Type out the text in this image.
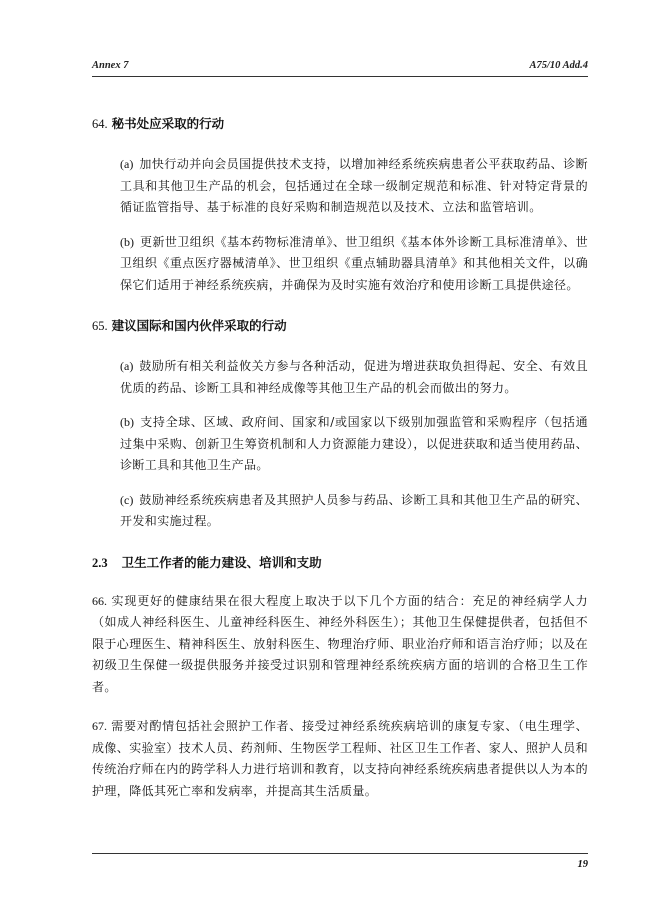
Annex 7	A75/10 Add.4
64. 秘书处应采取的行动
(a) 加快行动并向会员国提供技术支持，以增加神经系统疾病患者公平获取药品、诊断工具和其他卫生产品的机会，包括通过在全球一级制定规范和标准、针对特定背景的循证监管指导、基于标准的良好采购和制造规范以及技术、立法和监管培训。
(b) 更新世卫组织《基本药物标准清单》、世卫组织《基本体外诊断工具标准清单》、世卫组织《重点医疗器械清单》、世卫组织《重点辅助器具清单》和其他相关文件，以确保它们适用于神经系统疾病，并确保为及时实施有效治疗和使用诊断工具提供途径。
65. 建议国际和国内伙伴采取的行动
(a) 鼓励所有相关利益攸关方参与各种活动，促进为增进获取负担得起、安全、有效且优质的药品、诊断工具和神经成像等其他卫生产品的机会而做出的努力。
(b) 支持全球、区域、政府间、国家和/或国家以下级别加强监管和采购程序（包括通过集中采购、创新卫生筹资机制和人力资源能力建设），以促进获取和适当使用药品、诊断工具和其他卫生产品。
(c) 鼓励神经系统疾病患者及其照护人员参与药品、诊断工具和其他卫生产品的研究、开发和实施过程。
2.3 卫生工作者的能力建设、培训和支助
66. 实现更好的健康结果在很大程度上取决于以下几个方面的结合：充足的神经病学人力（如成人神经科医生、儿童神经科医生、神经外科医生）；其他卫生保健提供者，包括但不限于心理医生、精神科医生、放射科医生、物理治疗师、职业治疗师和语言治疗师；以及在初级卫生保健一级提供服务并接受过识别和管理神经系统疾病方面的培训的合格卫生工作者。
67. 需要对酌情包括社会照护工作者、接受过神经系统疾病培训的康复专家、（电生理学、成像、实验室）技术人员、药剂师、生物医学工程师、社区卫生工作者、家人、照护人员和传统治疗师在内的跨学科人力进行培训和教育，以支持向神经系统疾病患者提供以人为本的护理，降低其死亡率和发病率，并提高其生活质量。
19
